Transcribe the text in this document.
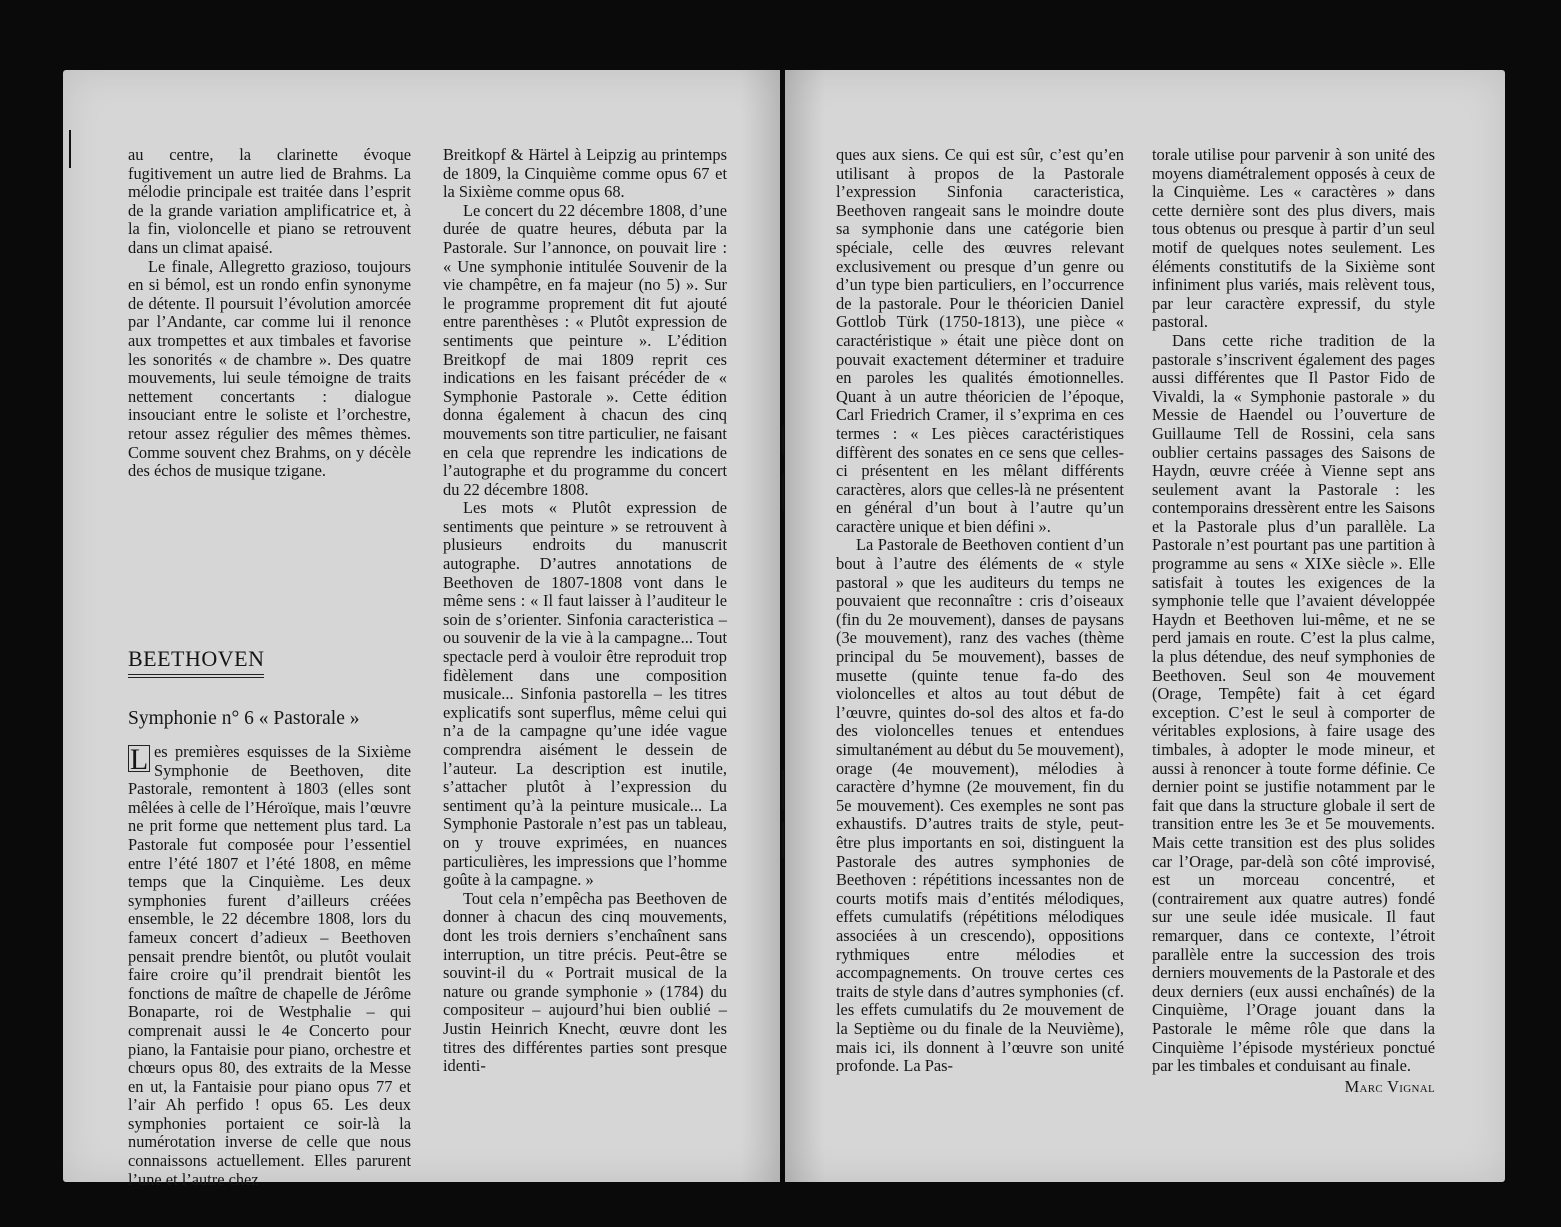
au centre, la clarinette évoque fugitivement un autre lied de Brahms. La mélodie principale est traitée dans l’esprit de la grande variation amplificatrice et, à la fin, violoncelle et piano se retrouvent dans un climat apaisé.

Le finale, Allegretto grazioso, toujours en si bémol, est un rondo enfin synonyme de détente. Il poursuit l’évolution amorcée par l’Andante, car comme lui il renonce aux trompettes et aux timbales et favorise les sonorités « de chambre ». Des quatre mouvements, lui seule témoigne de traits nettement concertants : dialogue insouciant entre le soliste et l’orchestre, retour assez régulier des mêmes thèmes. Comme souvent chez Brahms, on y décèle des échos de musique tzigane.

BEETHOVEN
Symphonie n° 6 « Pastorale »

L es premières esquisses de la Sixième Symphonie de Beethoven, dite Pastorale, remontent à 1803 (elles sont mêlées à celle de l’Héroïque, mais l’œuvre ne prit forme que nettement plus tard. La Pastorale fut composée pour l’essentiel entre l’été 1807 et l’été 1808, en même temps que la Cinquième. Les deux symphonies furent d’ailleurs créées ensemble, le 22 décembre 1808, lors du fameux concert d’adieux – Beethoven pensait prendre bientôt, ou plutôt voulait faire croire qu’il prendrait bientôt les fonctions de maître de chapelle de Jérôme Bonaparte, roi de Westphalie – qui comprenait aussi le 4e Concerto pour piano, la Fantaisie pour piano, orchestre et chœurs opus 80, des extraits de la Messe en ut, la Fantaisie pour piano opus 77 et l’air Ah perfido ! opus 65. Les deux symphonies portaient ce soir-là la numérotation inverse de celle que nous connaissons actuellement. Elles parurent l’une et l’autre chez

Breitkopf & Härtel à Leipzig au printemps de 1809, la Cinquième comme opus 67 et la Sixième comme opus 68.

Le concert du 22 décembre 1808, d’une durée de quatre heures, débuta par la Pastorale. Sur l’annonce, on pouvait lire : « Une symphonie intitulée Souvenir de la vie champêtre, en fa majeur (no 5) ». Sur le programme proprement dit fut ajouté entre parenthèses : « Plutôt expression de sentiments que peinture ». L’édition Breitkopf de mai 1809 reprit ces indications en les faisant précéder de « Symphonie Pastorale ». Cette édition donna également à chacun des cinq mouvements son titre particulier, ne faisant en cela que reprendre les indications de l’autographe et du programme du concert du 22 décembre 1808.

Les mots « Plutôt expression de sentiments que peinture » se retrouvent à plusieurs endroits du manuscrit autographe. D’autres annotations de Beethoven de 1807-1808 vont dans le même sens : « Il faut laisser à l’auditeur le soin de s’orienter. Sinfonia caracteristica – ou souvenir de la vie à la campagne... Tout spectacle perd à vouloir être reproduit trop fidèlement dans une composition musicale... Sinfonia pastorella – les titres explicatifs sont superflus, même celui qui n’a de la campagne qu’une idée vague comprendra aisément le dessein de l’auteur. La description est inutile, s’attacher plutôt à l’expression du sentiment qu’à la peinture musicale... La Symphonie Pastorale n’est pas un tableau, on y trouve exprimées, en nuances particulières, les impressions que l’homme goûte à la campagne. »

Tout cela n’empêcha pas Beethoven de donner à chacun des cinq mouvements, dont les trois derniers s’enchaînent sans interruption, un titre précis. Peut-être se souvint-il du « Portrait musical de la nature ou grande symphonie » (1784) du compositeur – aujourd’hui bien oublié – Justin Heinrich Knecht, œuvre dont les titres des différentes parties sont presque identi-

ques aux siens. Ce qui est sûr, c’est qu’en utilisant à propos de la Pastorale l’expression Sinfonia caracteristica, Beethoven rangeait sans le moindre doute sa symphonie dans une catégorie bien spéciale, celle des œuvres relevant exclusivement ou presque d’un genre ou d’un type bien particuliers, en l’occurrence de la pastorale. Pour le théoricien Daniel Gottlob Türk (1750-1813), une pièce « caractéristique » était une pièce dont on pouvait exactement déterminer et traduire en paroles les qualités émotionnelles. Quant à un autre théoricien de l’époque, Carl Friedrich Cramer, il s’exprima en ces termes : « Les pièces caractéristiques diffèrent des sonates en ce sens que celles-ci présentent en les mêlant différents caractères, alors que celles-là ne présentent en général d’un bout à l’autre qu’un caractère unique et bien défini ».

La Pastorale de Beethoven contient d’un bout à l’autre des éléments de « style pastoral » que les auditeurs du temps ne pouvaient que reconnaître : cris d’oiseaux (fin du 2e mouvement), danses de paysans (3e mouvement), ranz des vaches (thème principal du 5e mouvement), basses de musette (quinte tenue fa-do des violoncelles et altos au tout début de l’œuvre, quintes do-sol des altos et fa-do des violoncelles tenues et entendues simultanément au début du 5e mouvement), orage (4e mouvement), mélodies à caractère d’hymne (2e mouvement, fin du 5e mouvement). Ces exemples ne sont pas exhaustifs. D’autres traits de style, peut-être plus importants en soi, distinguent la Pastorale des autres symphonies de Beethoven : répétitions incessantes non de courts motifs mais d’entités mélodiques, effets cumulatifs (répétitions mélodiques associées à un crescendo), oppositions rythmiques entre mélodies et accompagnements. On trouve certes ces traits de style dans d’autres symphonies (cf. les effets cumulatifs du 2e mouvement de la Septième ou du finale de la Neuvième), mais ici, ils donnent à l’œuvre son unité profonde. La Pas-

torale utilise pour parvenir à son unité des moyens diamétralement opposés à ceux de la Cinquième. Les « caractères » dans cette dernière sont des plus divers, mais tous obtenus ou presque à partir d’un seul motif de quelques notes seulement. Les éléments constitutifs de la Sixième sont infiniment plus variés, mais relèvent tous, par leur caractère expressif, du style pastoral.

Dans cette riche tradition de la pastorale s’inscrivent également des pages aussi différentes que Il Pastor Fido de Vivaldi, la « Symphonie pastorale » du Messie de Haendel ou l’ouverture de Guillaume Tell de Rossini, cela sans oublier certains passages des Saisons de Haydn, œuvre créée à Vienne sept ans seulement avant la Pastorale : les contemporains dressèrent entre les Saisons et la Pastorale plus d’un parallèle. La Pastorale n’est pourtant pas une partition à programme au sens « XIXe siècle ». Elle satisfait à toutes les exigences de la symphonie telle que l’avaient développée Haydn et Beethoven lui-même, et ne se perd jamais en route. C’est la plus calme, la plus détendue, des neuf symphonies de Beethoven. Seul son 4e mouvement (Orage, Tempête) fait à cet égard exception. C’est le seul à comporter de véritables explosions, à faire usage des timbales, à adopter le mode mineur, et aussi à renoncer à toute forme définie. Ce dernier point se justifie notamment par le fait que dans la structure globale il sert de transition entre les 3e et 5e mouvements. Mais cette transition est des plus solides car l’Orage, par-delà son côté improvisé, est un morceau concentré, et (contrairement aux quatre autres) fondé sur une seule idée musicale. Il faut remarquer, dans ce contexte, l’étroit parallèle entre la succession des trois derniers mouvements de la Pastorale et des deux derniers (eux aussi enchaînés) de la Cinquième, l’Orage jouant dans la Pastorale le même rôle que dans la Cinquième l’épisode mystérieux ponctué par les timbales et conduisant au finale.

Marc Vignal
